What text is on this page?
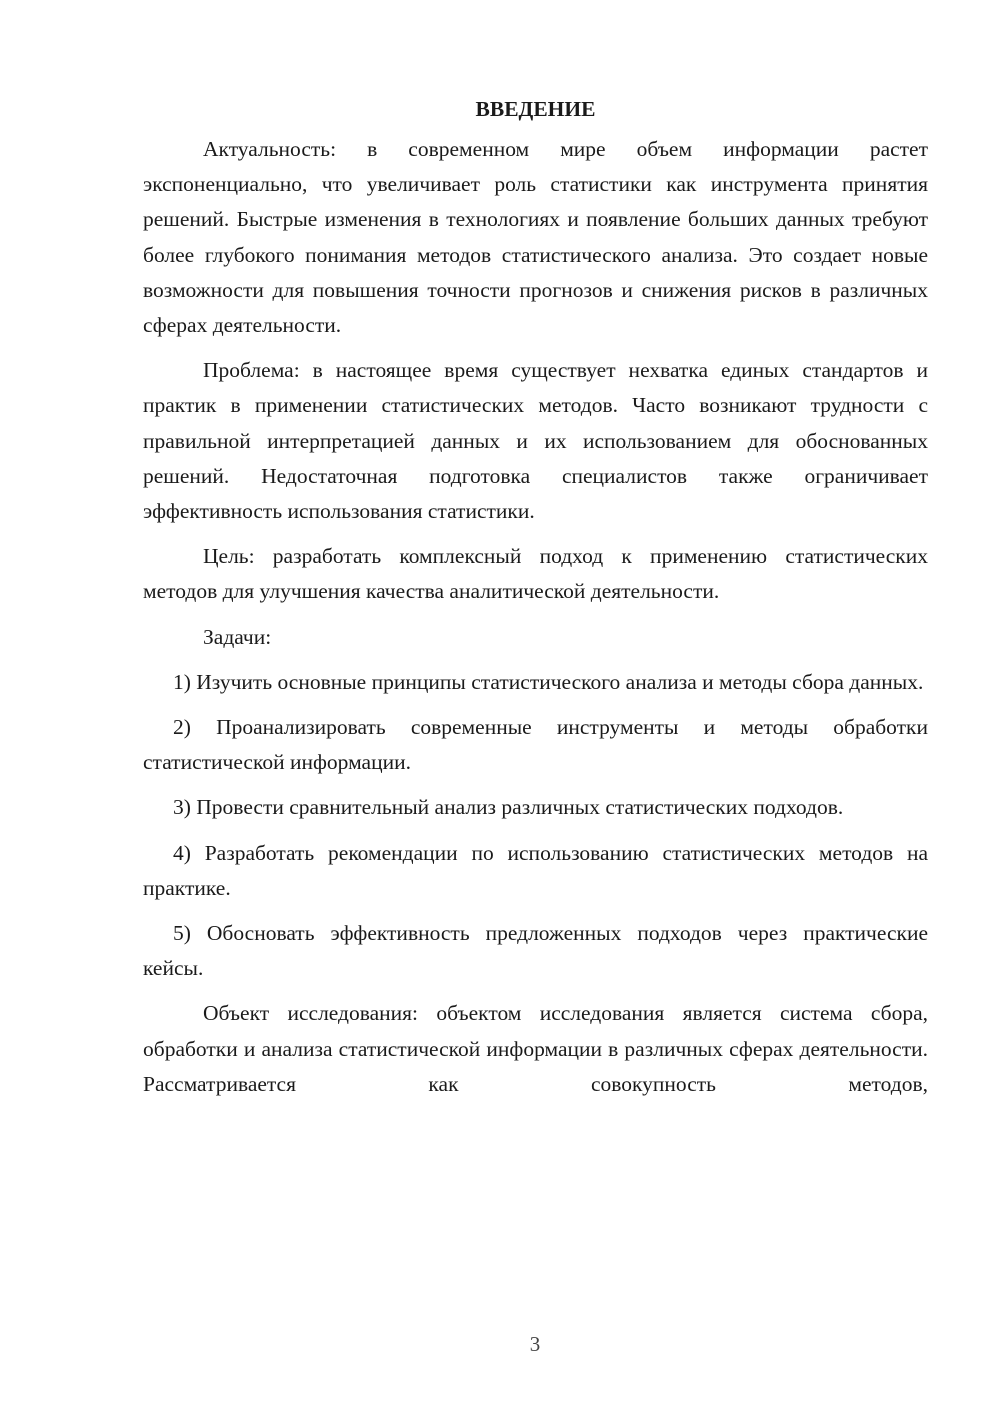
ВВЕДЕНИЕ

Актуальность: в современном мире объем информации растет экспоненциально, что увеличивает роль статистики как инструмента принятия решений. Быстрые изменения в технологиях и появление больших данных требуют более глубокого понимания методов статистического анализа. Это создает новые возможности для повышения точности прогнозов и снижения рисков в различных сферах деятельности.

Проблема: в настоящее время существует нехватка единых стандартов и практик в применении статистических методов. Часто возникают трудности с правильной интерпретацией данных и их использованием для обоснованных решений. Недостаточная подготовка специалистов также ограничивает эффективность использования статистики.

Цель: разработать комплексный подход к применению статистических методов для улучшения качества аналитической деятельности.

Задачи:

1) Изучить основные принципы статистического анализа и методы сбора данных.

2) Проанализировать современные инструменты и методы обработки статистической информации.

3) Провести сравнительный анализ различных статистических подходов.

4) Разработать рекомендации по использованию статистических методов на практике.

5) Обосновать эффективность предложенных подходов через практические кейсы.

Объект исследования: объектом исследования является система сбора, обработки и анализа статистической информации в различных сферах деятельности. Рассматривается как совокупность методов,

3
